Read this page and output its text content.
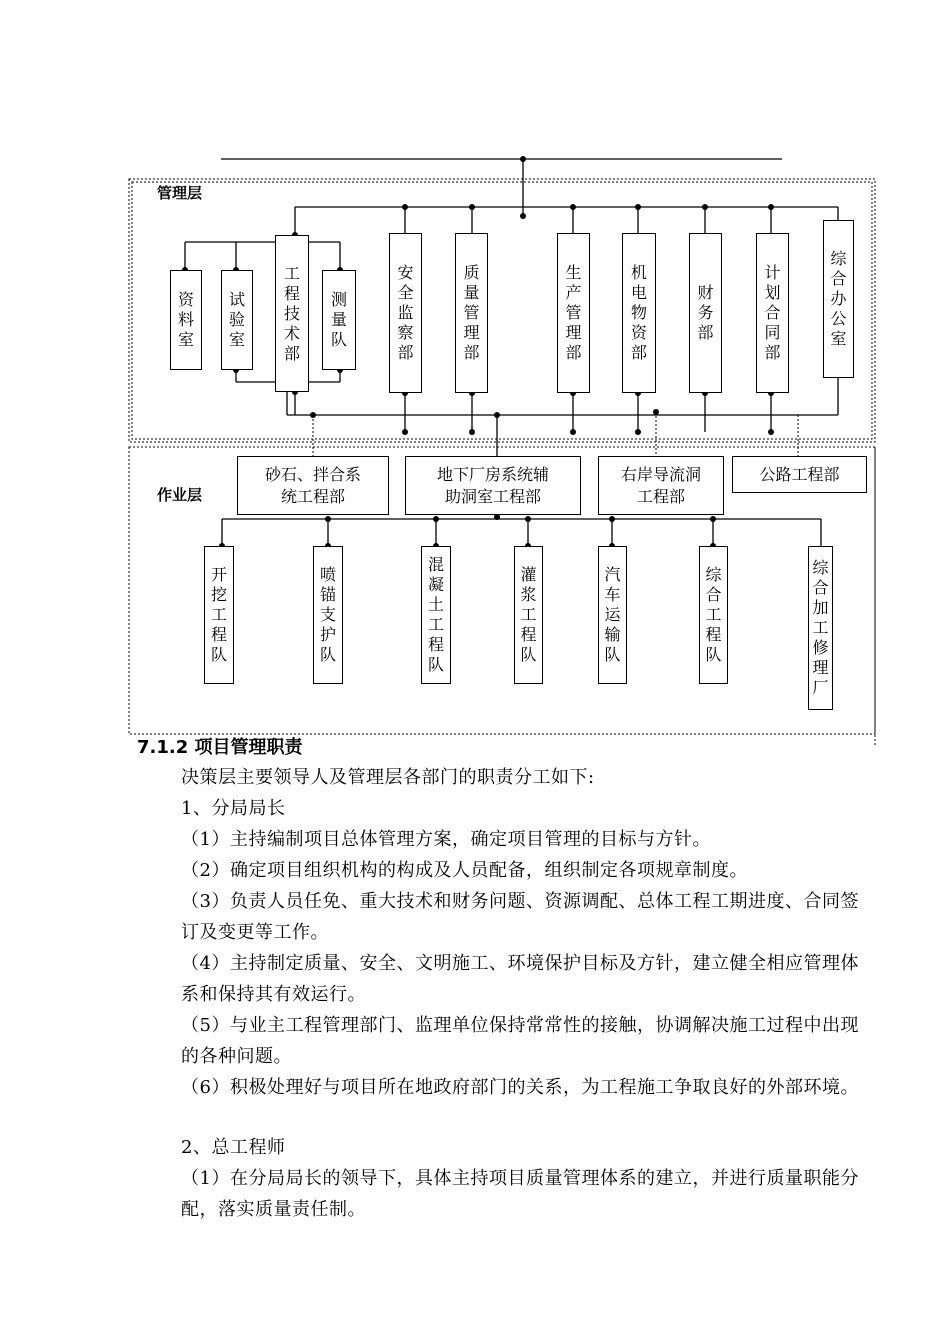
管理层
作业层
资
料
室
试
验
室
工
程
技
术
部
测
量
队
安
全
监
察
部
质
量
管
理
部
生
产
管
理
部
机
电
物
资
部
财
务
部
计
划
合
同
部
综
合
办
公
室
砂石、拌合系
统工程部
地下厂房系统辅
助洞室工程部
右岸导流洞
工程部
公路工程部
开
挖
工
程
队
喷
锚
支
护
队
混
凝
土
工
程
队
灌
浆
工
程
队
汽
车
运
输
队
综
合
工
程
队
综
合
加
工
修
理
厂
7.1.2 项目管理职责
决策层主要领导人及管理层各部门的职责分工如下:
1、分局局长
（1）主持编制项目总体管理方案，确定项目管理的目标与方针。
（2）确定项目组织机构的构成及人员配备，组织制定各项规章制度。
（3）负责人员任免、重大技术和财务问题、资源调配、总体工程工期进度、合同签订及变更等工作。
（4）主持制定质量、安全、文明施工、环境保护目标及方针，建立健全相应管理体系和保持其有效运行。
（5）与业主工程管理部门、监理单位保持常常性的接触，协调解决施工过程中出现的各种问题。
（6）积极处理好与项目所在地政府部门的关系，为工程施工争取良好的外部环境。
2、总工程师
（1）在分局局长的领导下，具体主持项目质量管理体系的建立，并进行质量职能分配，落实质量责任制。
